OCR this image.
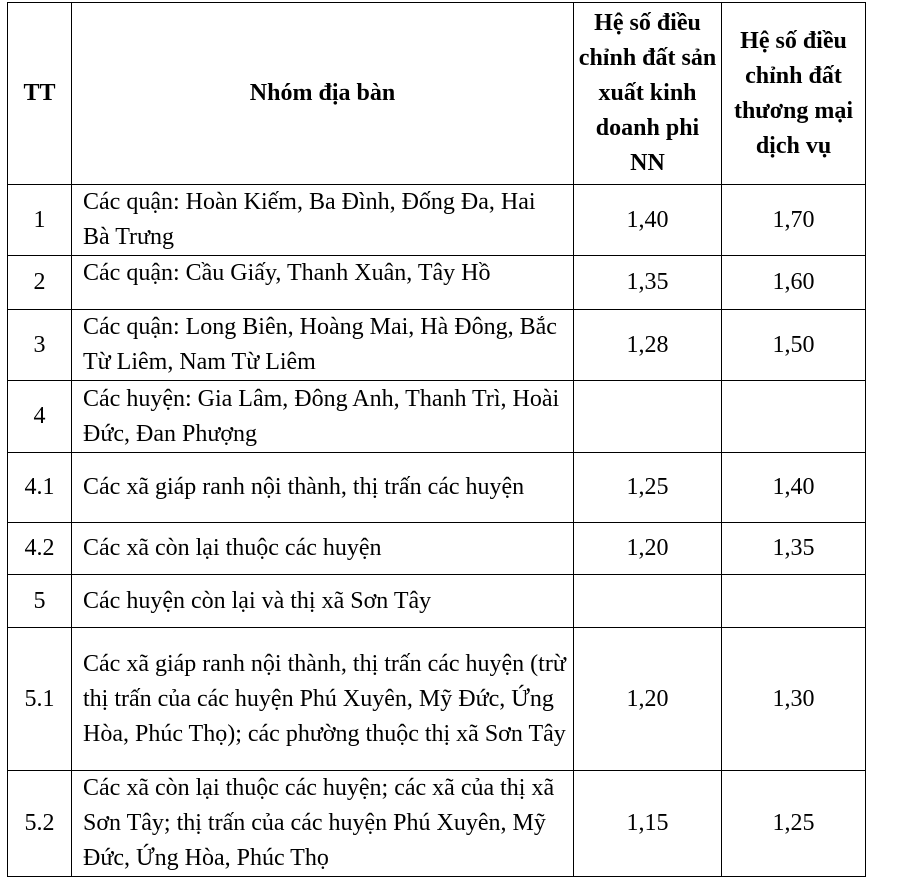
TT	Nhóm địa bàn	Hệ số điều chỉnh đất sản xuất kinh doanh phi NN	Hệ số điều chỉnh đất thương mại dịch vụ
1	Các quận: Hoàn Kiếm, Ba Đình, Đống Đa, Hai Bà Trưng	1,40	1,70
2	Các quận: Cầu Giấy, Thanh Xuân, Tây Hồ	1,35	1,60
3	Các quận: Long Biên, Hoàng Mai, Hà Đông, Bắc Từ Liêm, Nam Từ Liêm	1,28	1,50
4	Các huyện: Gia Lâm, Đông Anh, Thanh Trì, Hoài Đức, Đan Phượng		
4.1	Các xã giáp ranh nội thành, thị trấn các huyện	1,25	1,40
4.2	Các xã còn lại thuộc các huyện	1,20	1,35
5	Các huyện còn lại và thị xã Sơn Tây		
5.1	Các xã giáp ranh nội thành, thị trấn các huyện (trừ thị trấn của các huyện Phú Xuyên, Mỹ Đức, Ứng Hòa, Phúc Thọ); các phường thuộc thị xã Sơn Tây	1,20	1,30
5.2	Các xã còn lại thuộc các huyện; các xã của thị xã Sơn Tây; thị trấn của các huyện Phú Xuyên, Mỹ Đức, Ứng Hòa, Phúc Thọ	1,15	1,25
